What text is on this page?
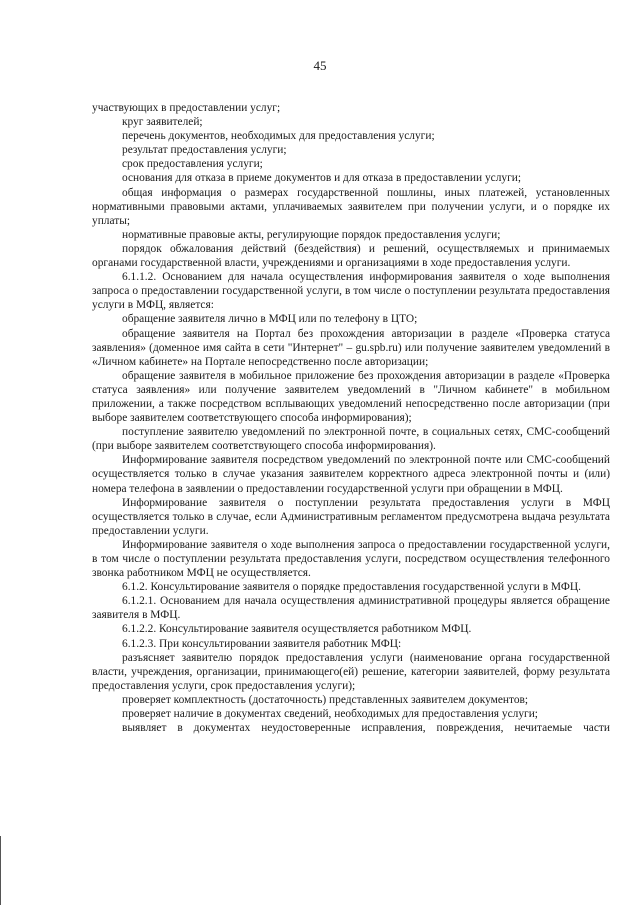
45

участвующих в предоставлении услуг;

круг заявителей;

перечень документов, необходимых для предоставления услуги;

результат предоставления услуги;

срок предоставления услуги;

основания для отказа в приеме документов и для отказа в предоставлении услуги;

общая информация о размерах государственной пошлины, иных платежей, установленных нормативными правовыми актами, уплачиваемых заявителем при получении услуги, и о порядке их уплаты;

нормативные правовые акты, регулирующие порядок предоставления услуги;

порядок обжалования действий (бездействия) и решений, осуществляемых и принимаемых органами государственной власти, учреждениями и организациями в ходе предоставления услуги.

6.1.1.2. Основанием для начала осуществления информирования заявителя о ходе выполнения запроса о предоставлении государственной услуги, в том числе о поступлении результата предоставления услуги в МФЦ, является:

обращение заявителя лично в МФЦ или по телефону в ЦТО;

обращение заявителя на Портал без прохождения авторизации в разделе «Проверка статуса заявления» (доменное имя сайта в сети "Интернет" – gu.spb.ru) или получение заявителем уведомлений в «Личном кабинете» на Портале непосредственно после авторизации;

обращение заявителя в мобильное приложение без прохождения авторизации в разделе «Проверка статуса заявления» или получение заявителем уведомлений в "Личном кабинете" в мобильном приложении, а также посредством всплывающих уведомлений непосредственно после авторизации (при выборе заявителем соответствующего способа информирования);

поступление заявителю уведомлений по электронной почте, в социальных сетях, СМС-сообщений (при выборе заявителем соответствующего способа информирования).

Информирование заявителя посредством уведомлений по электронной почте или СМС-сообщений осуществляется только в случае указания заявителем корректного адреса электронной почты и (или) номера телефона в заявлении о предоставлении государственной услуги при обращении в МФЦ.

Информирование заявителя о поступлении результата предоставления услуги в МФЦ осуществляется только в случае, если Административным регламентом предусмотрена выдача результата предоставлении услуги.

Информирование заявителя о ходе выполнения запроса о предоставлении государственной услуги, в том числе о поступлении результата предоставления услуги, посредством осуществления телефонного звонка работником МФЦ не осуществляется.

6.1.2. Консультирование заявителя о порядке предоставления государственной услуги в МФЦ.

6.1.2.1. Основанием для начала осуществления административной процедуры является обращение заявителя в МФЦ.

6.1.2.2. Консультирование заявителя осуществляется работником МФЦ.

6.1.2.3. При консультировании заявителя работник МФЦ:

разъясняет заявителю порядок предоставления услуги (наименование органа государственной власти, учреждения, организации, принимающего(ей) решение, категории заявителей, форму результата предоставления услуги, срок предоставления услуги);

проверяет комплектность (достаточность) представленных заявителем документов;

проверяет наличие в документах сведений, необходимых для предоставления услуги;

выявляет в документах неудостоверенные исправления, повреждения, нечитаемые части
